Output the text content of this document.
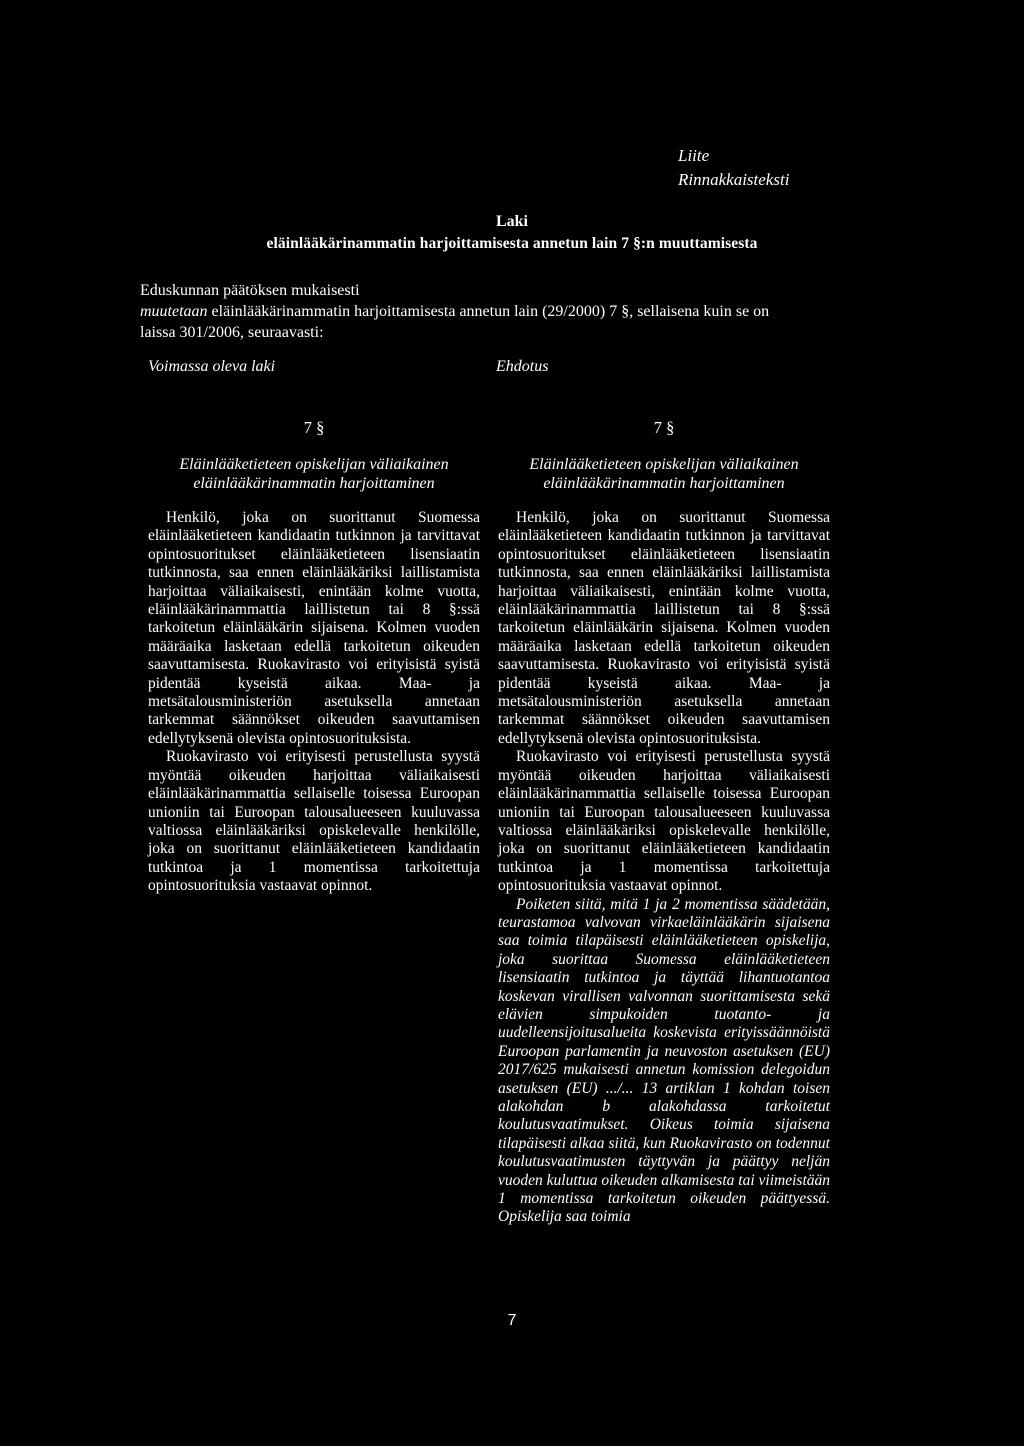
Liite
Rinnakkaisteksti
Laki
eläinlääkärinammatin harjoittamisesta annetun lain 7 §:n muuttamisesta
Eduskunnan päätöksen mukaisesti
muutetaan eläinlääkärinammatin harjoittamisesta annetun lain (29/2000) 7 §, sellaisena kuin se on
laissa 301/2006, seuraavasti:
Voimassa oleva laki	Ehdotus
7 §
Eläinlääketieteen opiskelijan väliaikainen
eläinlääkärinammatin harjoittaminen

Henkilö, joka on suorittanut Suomessa eläinlääketieteen kandidaatin tutkinnon ja tarvittavat opintosuoritukset eläinlääketieteen lisensiaatin tutkinnosta, saa ennen eläinlääkäriksi laillistamista harjoittaa väliaikaisesti, enintään kolme vuotta, eläinlääkärinammattia laillistetun tai 8 §:ssä tarkoitetun eläinlääkärin sijaisena. Kolmen vuoden määräaika lasketaan edellä tarkoitetun oikeuden saavuttamisesta. Ruokavirasto voi erityisistä syistä pidentää kyseistä aikaa. Maa- ja metsätalousministeriön asetuksella annetaan tarkemmat säännökset oikeuden saavuttamisen edellytyksenä olevista opintosuorituksista.

Ruokavirasto voi erityisesti perustellusta syystä myöntää oikeuden harjoittaa väliaikaisesti eläinlääkärinammattia sellaiselle toisessa Euroopan unioniin tai Euroopan talousalueeseen kuuluvassa valtiossa eläinlääkäriksi opiskelevalle henkilölle, joka on suorittanut eläinlääketieteen kandidaatin tutkintoa ja 1 momentissa tarkoitettuja opintosuorituksia vastaavat opinnot.

7 §
Eläinlääketieteen opiskelijan väliaikainen
eläinlääkärinammatin harjoittaminen

Henkilö, joka on suorittanut Suomessa eläinlääketieteen kandidaatin tutkinnon ja tarvittavat opintosuoritukset eläinlääketieteen lisensiaatin tutkinnosta, saa ennen eläinlääkäriksi laillistamista harjoittaa väliaikaisesti, enintään kolme vuotta, eläinlääkärinammattia laillistetun tai 8 §:ssä tarkoitetun eläinlääkärin sijaisena. Kolmen vuoden määräaika lasketaan edellä tarkoitetun oikeuden saavuttamisesta. Ruokavirasto voi erityisistä syistä pidentää kyseistä aikaa. Maa- ja metsätalousministeriön asetuksella annetaan tarkemmat säännökset oikeuden saavuttamisen edellytyksenä olevista opintosuorituksista.

Ruokavirasto voi erityisesti perustellusta syystä myöntää oikeuden harjoittaa väliaikaisesti eläinlääkärinammattia sellaiselle toisessa Euroopan unioniin tai Euroopan talousalueeseen kuuluvassa valtiossa eläinlääkäriksi opiskelevalle henkilölle, joka on suorittanut eläinlääketieteen kandidaatin tutkintoa ja 1 momentissa tarkoitettuja opintosuorituksia vastaavat opinnot.

Poiketen siitä, mitä 1 ja 2 momentissa säädetään, teurastamoa valvovan virkaeläinlääkärin sijaisena saa toimia tilapäisesti eläinlääketieteen opiskelija, joka suorittaa Suomessa eläinlääketieteen lisensiaatin tutkintoa ja täyttää lihantuotantoa koskevan virallisen valvonnan suorittamisesta sekä elävien simpukoiden tuotanto- ja uudelleensijoitusalueita koskevista erityissäännöistä Euroopan parlamentin ja neuvoston asetuksen (EU) 2017/625 mukaisesti annetun komission delegoidun asetuksen (EU) .../... 13 artiklan 1 kohdan toisen alakohdan b alakohdassa tarkoitetut koulutusvaatimukset. Oikeus toimia sijaisena tilapäisesti alkaa siitä, kun Ruokavirasto on todennut koulutusvaatimusten täyttyvän ja päättyy neljän vuoden kuluttua oikeuden alkamisesta tai viimeistään 1 momentissa tarkoitetun oikeuden päättyessä. Opiskelija saa toimia

7
